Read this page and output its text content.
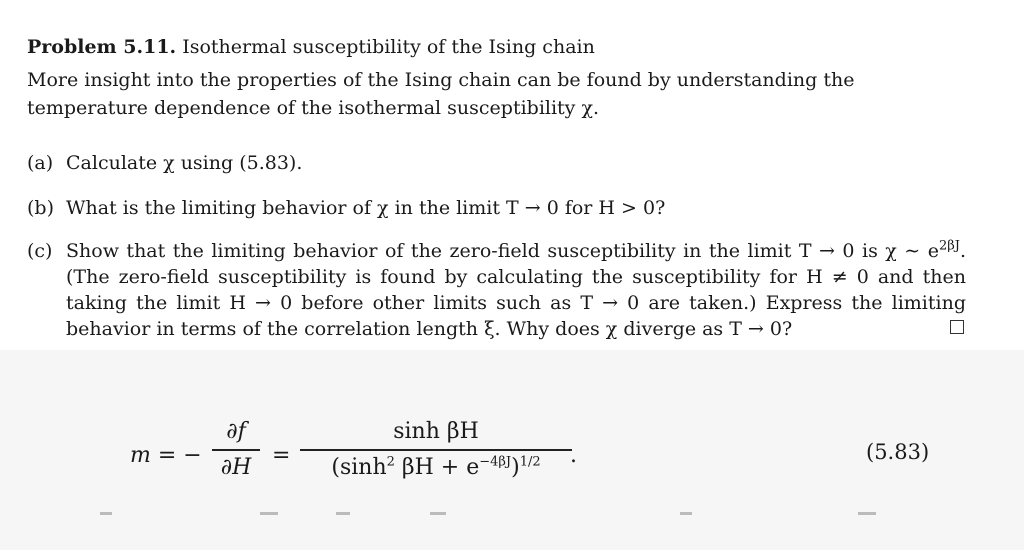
Problem 5.11. Isothermal susceptibility of the Ising chain
More insight into the properties of the Ising chain can be found by understanding the temperature dependence of the isothermal susceptibility χ.
(a) Calculate χ using (5.83).
(b) What is the limiting behavior of χ in the limit T → 0 for H > 0?
(c) Show that the limiting behavior of the zero-field susceptibility in the limit T → 0 is χ ∼ $e^{2\beta J}$. (The zero-field susceptibility is found by calculating the susceptibility for H ≠ 0 and then taking the limit H → 0 before other limits such as T → 0 are taken.) Express the limiting behavior in terms of the correlation length ξ. Why does χ diverge as T → 0?
m = −
∂f
∂H =
sinh βH
($\sinh^2$ $\beta H + e^{-4\beta J})^{1/2}$	.	(5.83)
